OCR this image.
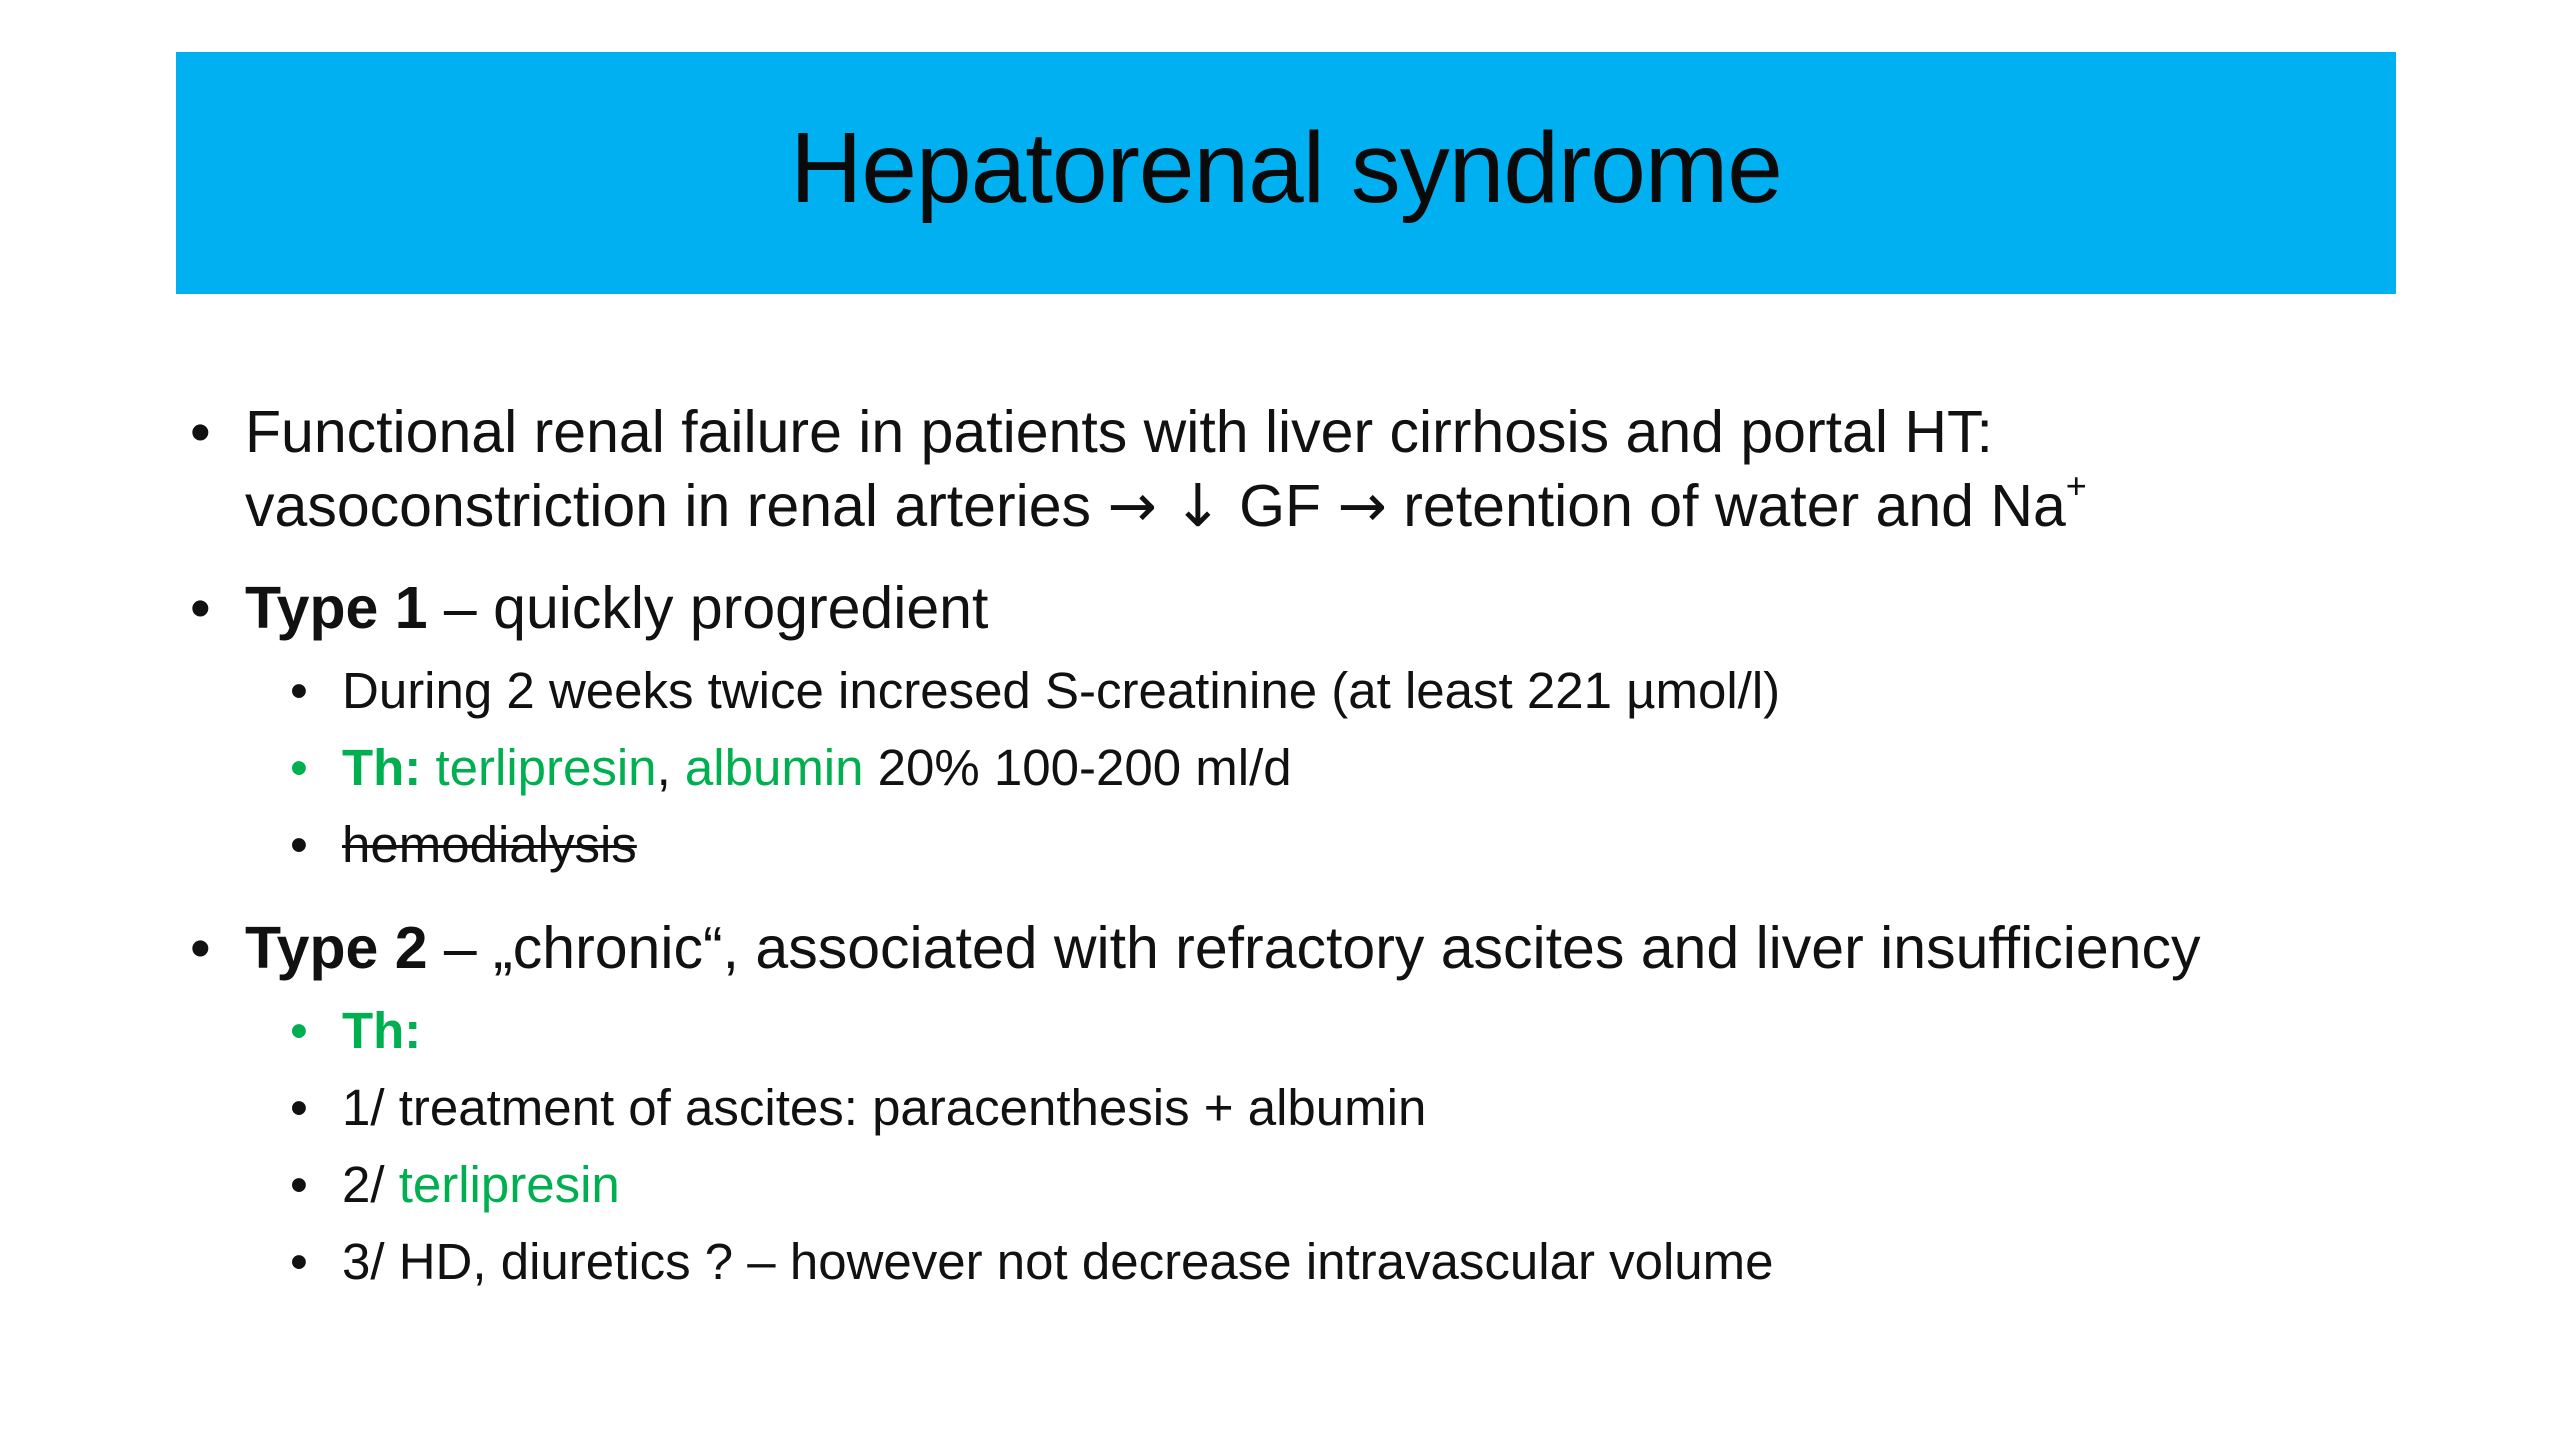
Hepatorenal syndrome
• Functional renal failure in patients with liver cirrhosis and portal HT:
vasoconstriction in renal arteries → ↓ GF → retention of water and Na+
• Type 1 – quickly progredient
• During 2 weeks twice incresed S-creatinine (at least 221 µmol/l)
• Th: terlipresin, albumin 20% 100-200 ml/d
• hemodialysis
• Type 2 – „chronic“, associated with refractory ascites and liver insufficiency
• Th:
• 1/ treatment of ascites: paracenthesis + albumin
• 2/ terlipresin
• 3/ HD, diuretics ? – however not decrease intravascular volume
